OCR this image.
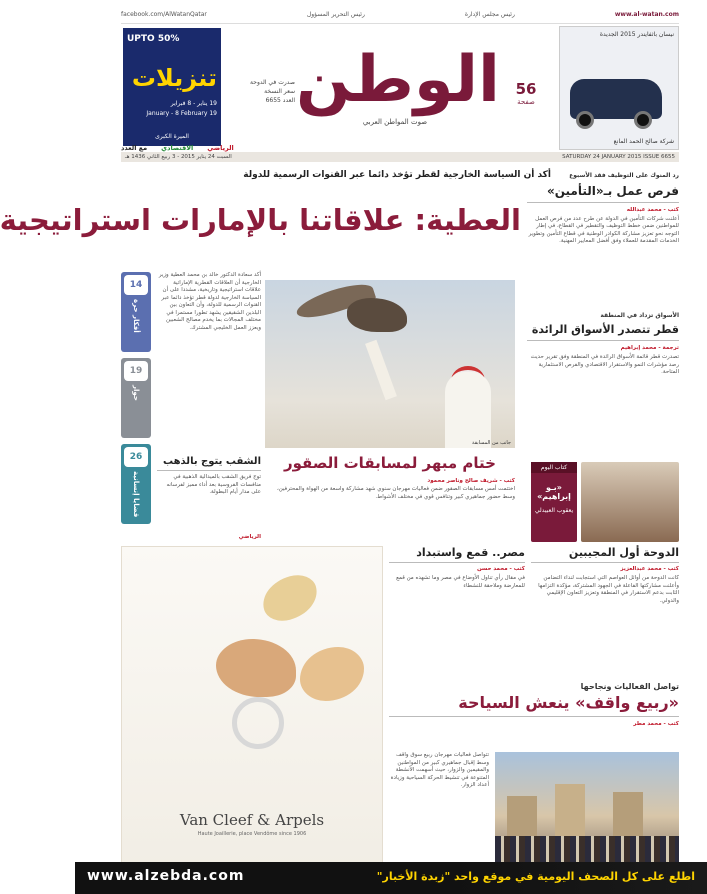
www.al-watan.com
رئيس مجلس الإدارة
رئيس التحرير المسؤول
facebook.com/AlWatanQatar
UPTO 50%
تنزيلات
19 يناير - 8 فبراير
19 January - 8 February
الميرة الكبرى
صدرت في الدوحة
سعر النسخة
العدد 6655 الوطن
صوت المواطن العربي
56
صفحة
نيسان باثفايندر 2015 الجديدة
شركة صالح الحمد المانع
الرياضي
الاقتصادي
مع العدد
SATURDAY 24 JANUARY 2015 ISSUE 6655
السبت 24 يناير 2015 - 3 ربيع الثاني 1436 هـ
أكد أن السياسة الخارجية لقطر تؤخذ دائما عبر القنوات الرسمية للدولة
العطية: علاقاتنا بالإمارات استراتيجية
رد المنوك على التوظيف فقد الأسبوع
فرص عمل بـ«التأمين»
كتب - محمد عبدالله
أعلنت شركات التأمين في الدولة عن طرح عدد من فرص العمل للمواطنين ضمن خطط التوظيف والتقطير في القطاع، في إطار التوجه نحو تعزيز مشاركة الكوادر الوطنية في قطاع التأمين وتطوير الخدمات المقدمة للعملاء وفق أفضل المعايير المهنية.
الأسواق تزداد في المنطقة
قطر تتصدر الأسواق الرائدة
ترجمة - محمد إبراهيم
تصدرت قطر قائمة الأسواق الرائدة في المنطقة وفق تقرير حديث رصد مؤشرات النمو والاستقرار الاقتصادي والفرص الاستثمارية المتاحة.
كتاب اليوم
«بـو إبراهيم»
يعقوب العبيدلي
14
أفكار حرة
19
حوار
26
قضايا إنسانية
أكد سعادة الدكتور خالد بن محمد العطية وزير الخارجية أن العلاقات القطرية الإماراتية علاقات استراتيجية وتاريخية، مشددا على أن السياسة الخارجية لدولة قطر تؤخذ دائما عبر القنوات الرسمية للدولة، وأن التعاون بين البلدين الشقيقين يشهد تطورا مستمرا في مختلف المجالات بما يخدم مصالح الشعبين ويعزز العمل الخليجي المشترك.
الشقب يتوج بالذهب
توج فريق الشقب بالميدالية الذهبية في منافسات الفروسية بعد أداء مميز لفرسانه على مدار أيام البطولة.
الرياضي
جانب من المسابقة
ختام مبهر لمسابقات الصقور
كتب - شريف صالح وناصر محمود
اختتمت أمس مسابقات الصقور ضمن فعاليات مهرجان سنوي شهد مشاركة واسعة من الهواة والمحترفين، وسط حضور جماهيري كبير وتنافس قوي في مختلف الأشواط.
الدوحة أول المجيبين
كتب - محمد عبدالعزيز
كانت الدوحة من أوائل العواصم التي استجابت لنداء التضامن وأعلنت مشاركتها الفاعلة في الجهود المشتركة، مؤكدة التزامها الثابت بدعم الاستقرار في المنطقة وتعزيز التعاون الإقليمي والدولي.
مصر.. قمع واستبداد
كتب - محمد حسن
في مقال رأي تناول الأوضاع في مصر وما تشهده من قمع للمعارضة وملاحقة للنشطاء
تواصل الفعاليات ونجاحها
«ربيع واقف» ينعش السياحة
كتب - محمد مطر
تتواصل فعاليات مهرجان ربيع سوق واقف وسط إقبال جماهيري كبير من المواطنين والمقيمين والزوار، حيث أسهمت الأنشطة المتنوعة في تنشيط الحركة السياحية وزيادة أعداد الزوار.
Van Cleef & Arpels
Haute Joaillerie, place Vendôme since 1906
www.alzebda.com	اطلع على كل الصحف اليومية في موقع واحد "زبدة الأخبار"
